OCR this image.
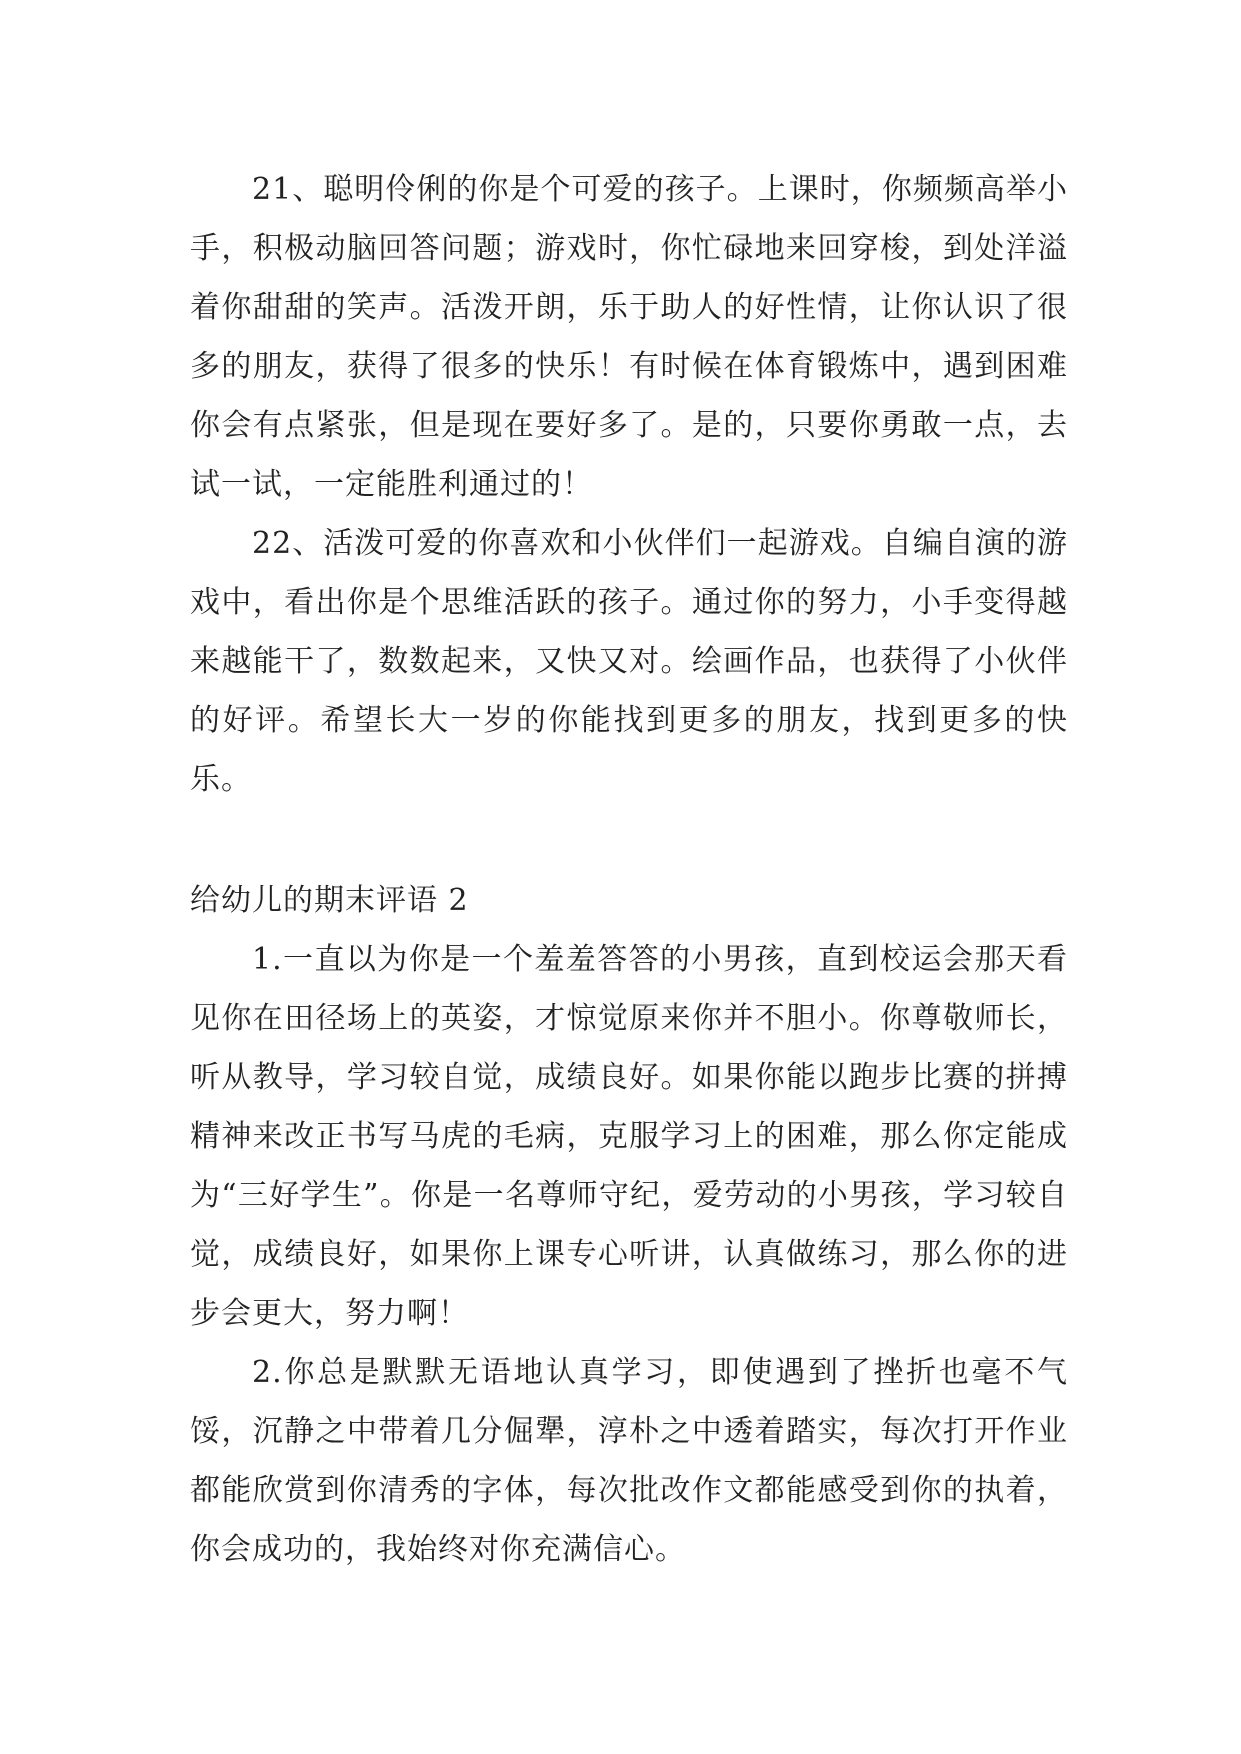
21、聪明伶俐的你是个可爱的孩子。上课时，你频频高举小手，积极动脑回答问题；游戏时，你忙碌地来回穿梭，到处洋溢着你甜甜的笑声。活泼开朗，乐于助人的好性情，让你认识了很多的朋友，获得了很多的快乐！有时候在体育锻炼中，遇到困难你会有点紧张，但是现在要好多了。是的，只要你勇敢一点，去试一试，一定能胜利通过的！

22、活泼可爱的你喜欢和小伙伴们一起游戏。自编自演的游戏中，看出你是个思维活跃的孩子。通过你的努力，小手变得越来越能干了，数数起来，又快又对。绘画作品，也获得了小伙伴的好评。希望长大一岁的你能找到更多的朋友，找到更多的快乐。

给幼儿的期末评语 2

1.一直以为你是一个羞羞答答的小男孩，直到校运会那天看见你在田径场上的英姿，才惊觉原来你并不胆小。你尊敬师长，听从教导，学习较自觉，成绩良好。如果你能以跑步比赛的拼搏精神来改正书写马虎的毛病，克服学习上的困难，那么你定能成为“三好学生”。你是一名尊师守纪，爱劳动的小男孩，学习较自觉，成绩良好，如果你上课专心听讲，认真做练习，那么你的进步会更大，努力啊！

2.你总是默默无语地认真学习，即使遇到了挫折也毫不气馁，沉静之中带着几分倔犟，淳朴之中透着踏实，每次打开作业都能欣赏到你清秀的字体，每次批改作文都能感受到你的执着，你会成功的，我始终对你充满信心。
